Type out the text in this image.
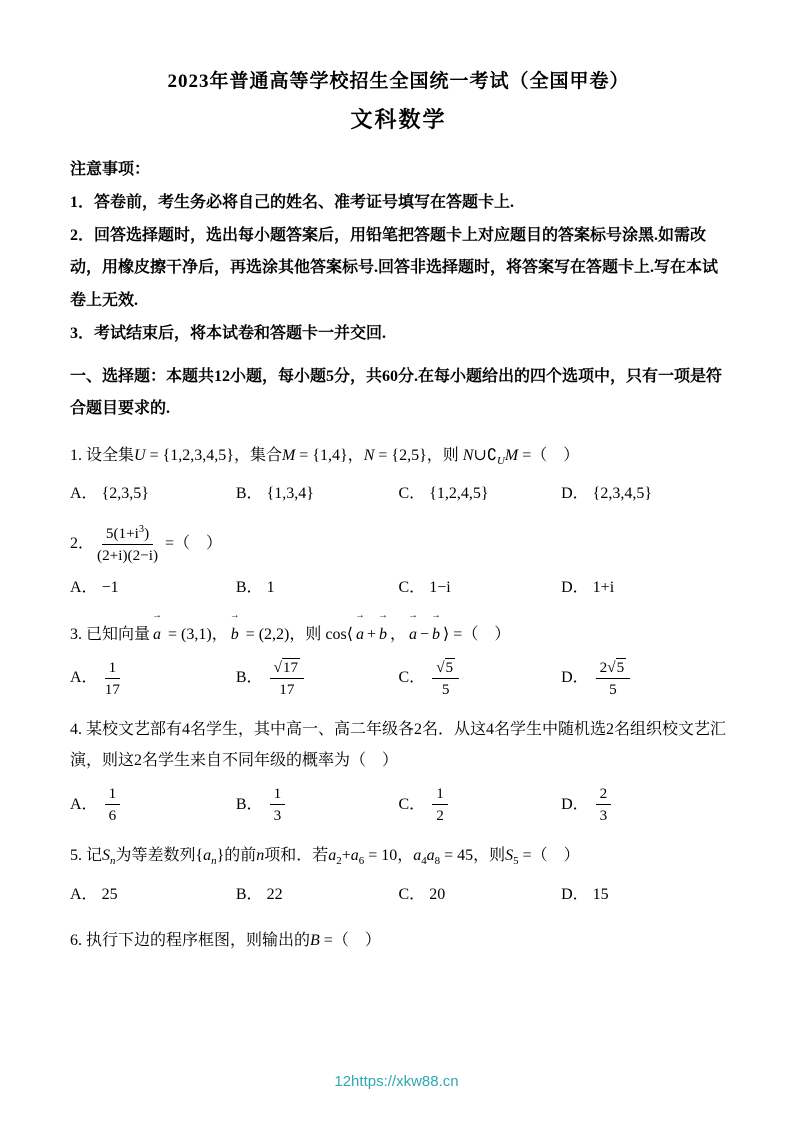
2023年普通高等学校招生全国统一考试（全国甲卷）
文科数学

注意事项：

1．答卷前，考生务必将自己的姓名、准考证号填写在答题卡上.

2．回答选择题时，选出每小题答案后，用铅笔把答题卡上对应题目的答案标号涂黑.如需改动，用橡皮擦干净后，再选涂其他答案标号.回答非选择题时，将答案写在答题卡上.写在本试卷上无效.

3．考试结束后，将本试卷和答题卡一并交回.

一、选择题：本题共12小题，每小题5分，共60分.在每小题给出的四个选项中，只有一项是符合题目要求的.

1. 设全集U = {1,2,3,4,5}，集合M = {1,4}，N = {2,5}，则 $N\cup∁_UM$ =（　）

A． {2,3,5}	B． {1,3,4}	C． {1,2,4,5}	D． {2,3,4,5}

2． $\frac{5(1+i^3)}{(2+i)(2-i)}$ =（　）

A． −1	B． 1	C． 1−i	D． 1+i

3. 已知向量 → a = (3,1)， → b = (2,2)，则 cos⟨ → a + → b ， → a − → b ⟩ =（　）

A． $\frac{1}{17}$	B． $\frac{√17}{17}$	C． $\frac{√5}{5}$	D． $\frac{2√5}{5}$

4. 某校文艺部有4名学生，其中高一、高二年级各2名．从这4名学生中随机选2名组织校文艺汇演，则这2名学生来自不同年级的概率为（　）

A． $\frac{1}{6}$	B． $\frac{1}{3}$	C． $\frac{1}{2}$	D． $\frac{2}{3}$

5. 记$S_n$为等差数列$\{a_n\}$的前n项和．若$a_2+a_6 = 10$，$a_4a_8 = 45$，则$S_5$ =（　）

A． 25	B． 22	C． 20	D． 15

6. 执行下边的程序框图，则输出的B =（　）

12https://xkw88.cn
